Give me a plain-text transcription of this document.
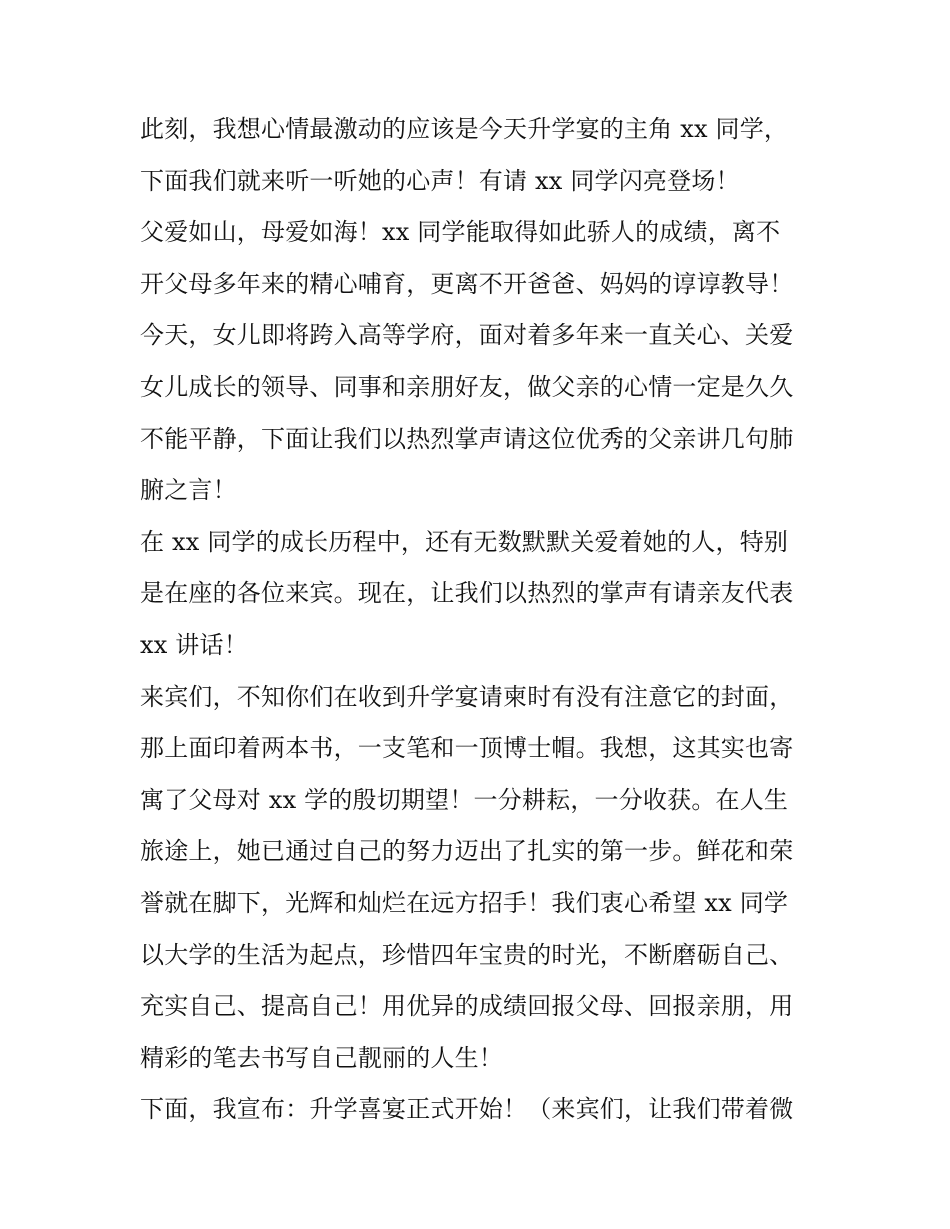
此刻，我想心情最激动的应该是今天升学宴的主角 xx 同学，
下面我们就来听一听她的心声！有请 xx 同学闪亮登场！
父爱如山，母爱如海！xx 同学能取得如此骄人的成绩，离不
开父母多年来的精心哺育，更离不开爸爸、妈妈的谆谆教导！
今天，女儿即将跨入高等学府，面对着多年来一直关心、关爱
女儿成长的领导、同事和亲朋好友，做父亲的心情一定是久久
不能平静，下面让我们以热烈掌声请这位优秀的父亲讲几句肺
腑之言！
在 xx 同学的成长历程中，还有无数默默关爱着她的人，特别
是在座的各位来宾。现在，让我们以热烈的掌声有请亲友代表
xx 讲话！
来宾们，不知你们在收到升学宴请柬时有没有注意它的封面，
那上面印着两本书，一支笔和一顶博士帽。我想，这其实也寄
寓了父母对 xx 学的殷切期望！一分耕耘，一分收获。在人生
旅途上，她已通过自己的努力迈出了扎实的第一步。鲜花和荣
誉就在脚下，光辉和灿烂在远方招手！我们衷心希望 xx 同学
以大学的生活为起点，珍惜四年宝贵的时光，不断磨砺自己、
充实自己、提高自己！用优异的成绩回报父母、回报亲朋，用
精彩的笔去书写自己靓丽的人生！
下面，我宣布：升学喜宴正式开始！（来宾们，让我们带着微
